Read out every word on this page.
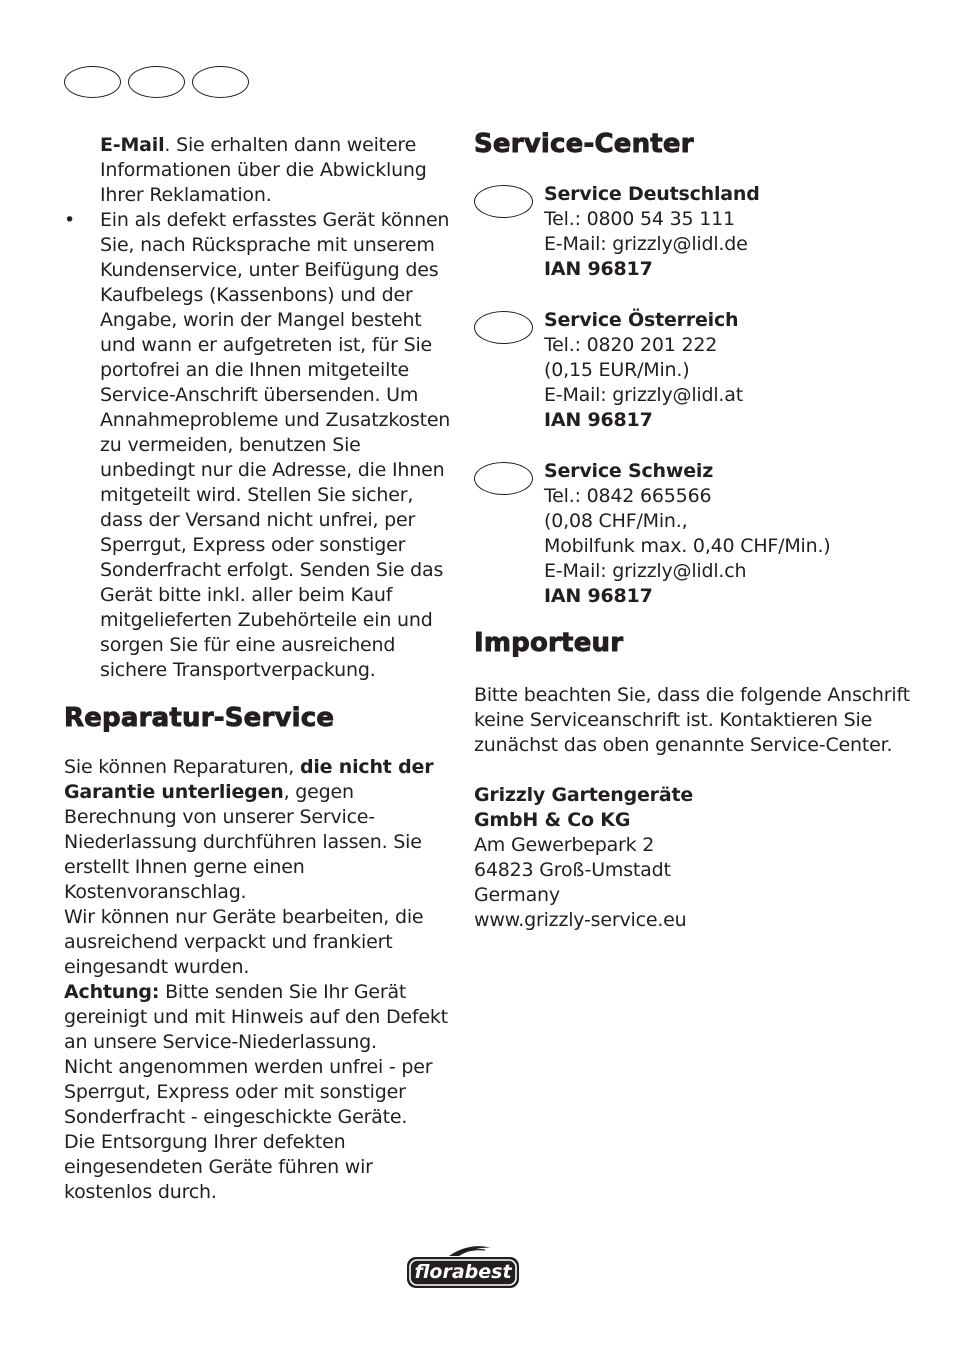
E-Mail. Sie erhalten dann weitere Informationen über die Abwicklung Ihrer Reklamation.

• Ein als defekt erfasstes Gerät können Sie, nach Rücksprache mit unserem Kundenservice, unter Beifügung des Kaufbelegs (Kassenbons) und der Angabe, worin der Mangel besteht und wann er aufgetreten ist, für Sie portofrei an die Ihnen mitgeteilte Service-Anschrift übersenden. Um Annahmeprobleme und Zusatzkosten zu vermeiden, benutzen Sie unbedingt nur die Adresse, die Ihnen mitgeteilt wird. Stellen Sie sicher, dass der Versand nicht unfrei, per Sperrgut, Express oder sonstiger Sonderfracht erfolgt. Senden Sie das Gerät bitte inkl. aller beim Kauf mitgelieferten Zubehörteile ein und sorgen Sie für eine ausreichend sichere Transportverpackung.

Reparatur-Service

Sie können Reparaturen, die nicht der Garantie unterliegen, gegen Berechnung von unserer Service-Niederlassung durchführen lassen. Sie erstellt Ihnen gerne einen Kostenvoranschlag.

Wir können nur Geräte bearbeiten, die ausreichend verpackt und frankiert eingesandt wurden.

Achtung: Bitte senden Sie Ihr Gerät gereinigt und mit Hinweis auf den Defekt an unsere Service-Niederlassung.

Nicht angenommen werden unfrei - per Sperrgut, Express oder mit sonstiger Sonderfracht - eingeschickte Geräte.

Die Entsorgung Ihrer defekten eingesendeten Geräte führen wir kostenlos durch.

Service-Center
Service Deutschland
Tel.: 0800 54 35 111
E-Mail: grizzly@lidl.de
IAN 96817
Service Österreich
Tel.: 0820 201 222
(0,15 EUR/Min.)
E-Mail: grizzly@lidl.at
IAN 96817
Service Schweiz
Tel.: 0842 665566
(0,08 CHF/Min.,
Mobilfunk max. 0,40 CHF/Min.)
E-Mail: grizzly@lidl.ch
IAN 96817
Importeur

Bitte beachten Sie, dass die folgende Anschrift keine Serviceanschrift ist. Kontaktieren Sie zunächst das oben genannte Service-Center.

Grizzly Gartengeräte
GmbH & Co KG

Am Gewerbepark 2

64823 Groß-Umstadt

Germany

www.grizzly-service.eu

florabest
